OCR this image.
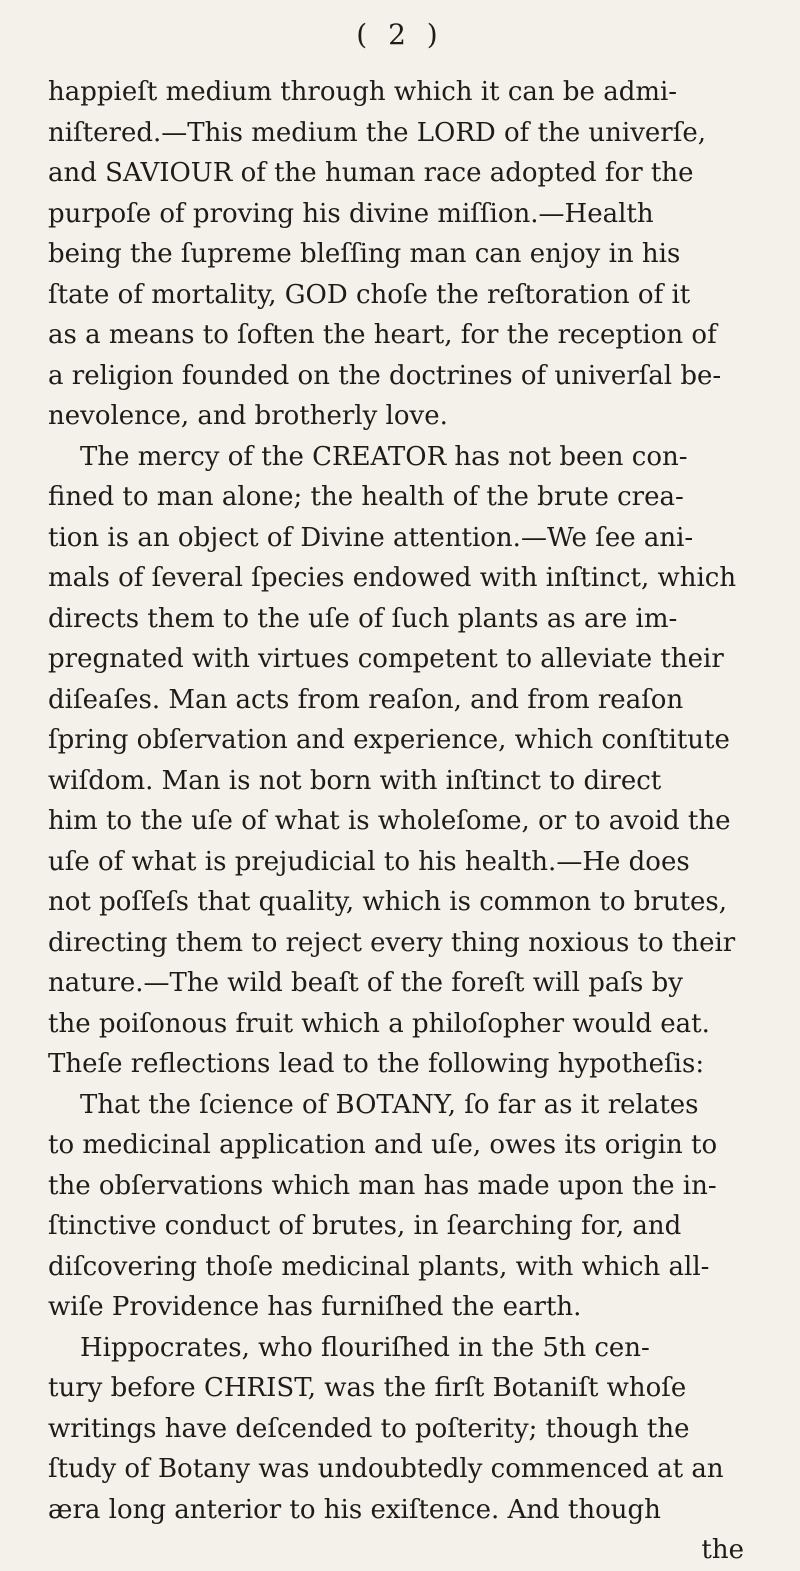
( 2 )
happieſt medium through which it can be admi-
niſtered.—This medium the LORD of the univerſe,
and SAVIOUR of the human race adopted for the
purpoſe of proving his divine miſſion.—Health
being the ſupreme bleſſing man can enjoy in his
ſtate of mortality, GOD choſe the reſtoration of it
as a means to ſoften the heart, for the reception of
a religion founded on the doctrines of univerſal be-
nevolence, and brotherly love.
The mercy of the CREATOR has not been con-
fined to man alone; the health of the brute crea-
tion is an object of Divine attention.—We ſee ani-
mals of ſeveral ſpecies endowed with inſtinct, which
directs them to the uſe of ſuch plants as are im-
pregnated with virtues competent to alleviate their
diſeaſes. Man acts from reaſon, and from reaſon
ſpring obſervation and experience, which conſtitute
wiſdom. Man is not born with inſtinct to direct
him to the uſe of what is wholeſome, or to avoid the
uſe of what is prejudicial to his health.—He does
not poſſeſs that quality, which is common to brutes,
directing them to reject every thing noxious to their
nature.—The wild beaſt of the foreſt will paſs by
the poiſonous fruit which a philoſopher would eat.
Theſe reflections lead to the following hypotheſis:
That the ſcience of BOTANY, ſo far as it relates
to medicinal application and uſe, owes its origin to
the obſervations which man has made upon the in-
ſtinctive conduct of brutes, in ſearching for, and
diſcovering thoſe medicinal plants, with which all-
wiſe Providence has furniſhed the earth.
Hippocrates, who flouriſhed in the 5th cen-
tury before CHRIST, was the firſt Botaniſt whoſe
writings have deſcended to poſterity; though the
ſtudy of Botany was undoubtedly commenced at an
æra long anterior to his exiſtence. And though
the
